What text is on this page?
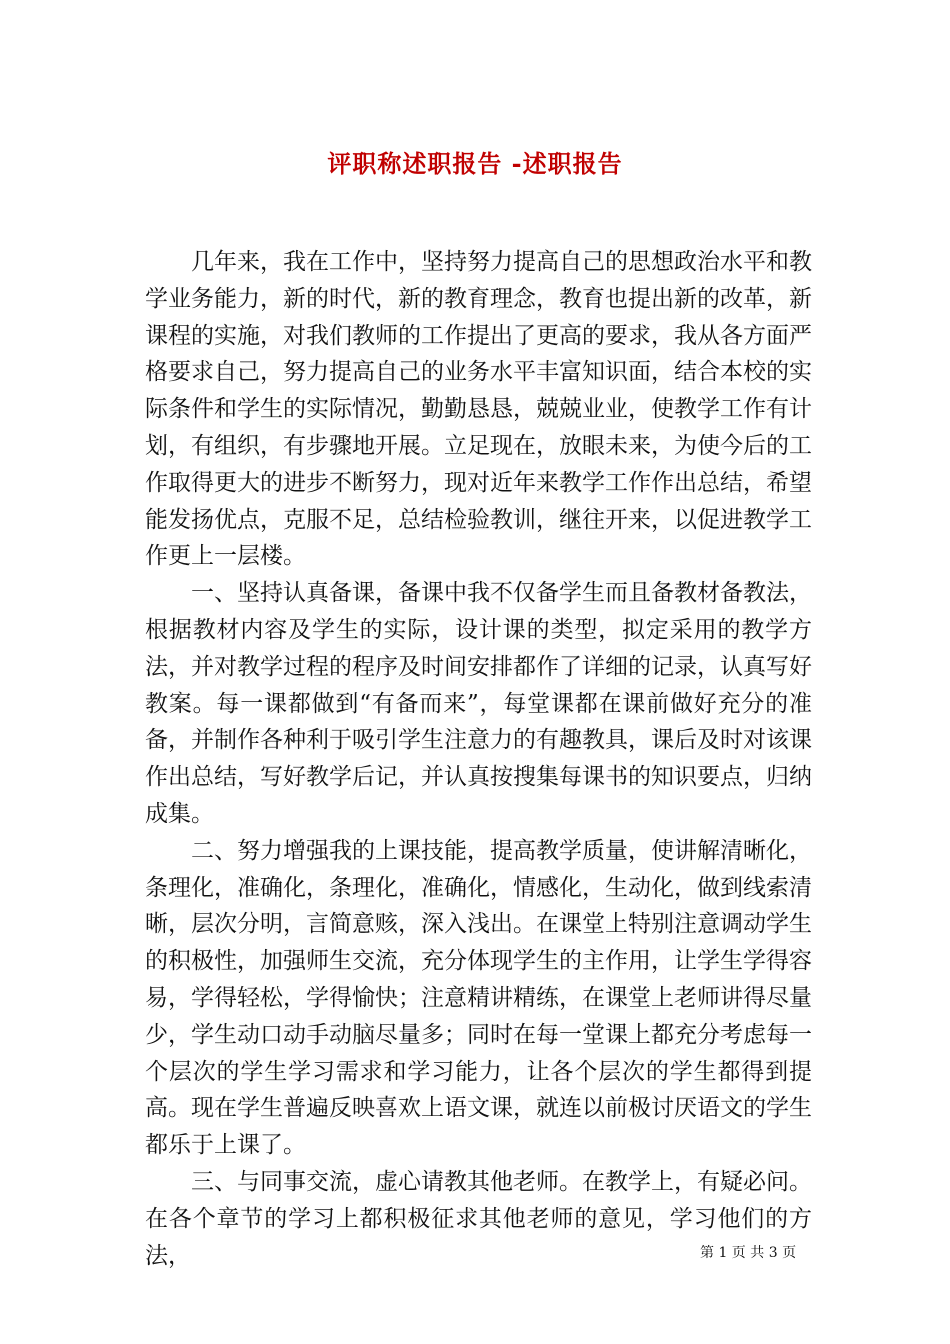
评职称述职报告 -述职报告

几年来，我在工作中，坚持努力提高自己的思想政治水平和教学业务能力，新的时代，新的教育理念，教育也提出新的改革，新课程的实施，对我们教师的工作提出了更高的要求，我从各方面严格要求自己，努力提高自己的业务水平丰富知识面，结合本校的实际条件和学生的实际情况，勤勤恳恳，兢兢业业，使教学工作有计划，有组织，有步骤地开展。立足现在，放眼未来，为使今后的工作取得更大的进步不断努力，现对近年来教学工作作出总结，希望能发扬优点，克服不足，总结检验教训，继往开来，以促进教学工作更上一层楼。

一、坚持认真备课，备课中我不仅备学生而且备教材备教法，根据教材内容及学生的实际，设计课的类型，拟定采用的教学方法，并对教学过程的程序及时间安排都作了详细的记录，认真写好教案。每一课都做到“有备而来”，每堂课都在课前做好充分的准备，并制作各种利于吸引学生注意力的有趣教具，课后及时对该课作出总结，写好教学后记，并认真按搜集每课书的知识要点，归纳成集。

二、努力增强我的上课技能，提高教学质量，使讲解清晰化，条理化，准确化，条理化，准确化，情感化，生动化，做到线索清晰，层次分明，言简意赅，深入浅出。在课堂上特别注意调动学生的积极性，加强师生交流，充分体现学生的主作用，让学生学得容易，学得轻松，学得愉快；注意精讲精练，在课堂上老师讲得尽量少，学生动口动手动脑尽量多；同时在每一堂课上都充分考虑每一个层次的学生学习需求和学习能力，让各个层次的学生都得到提高。现在学生普遍反映喜欢上语文课，就连以前极讨厌语文的学生都乐于上课了。

三、与同事交流，虚心请教其他老师。在教学上，有疑必问。在各个章节的学习上都积极征求其他老师的意见，学习他们的方法，	第 1 页 共 3 页
